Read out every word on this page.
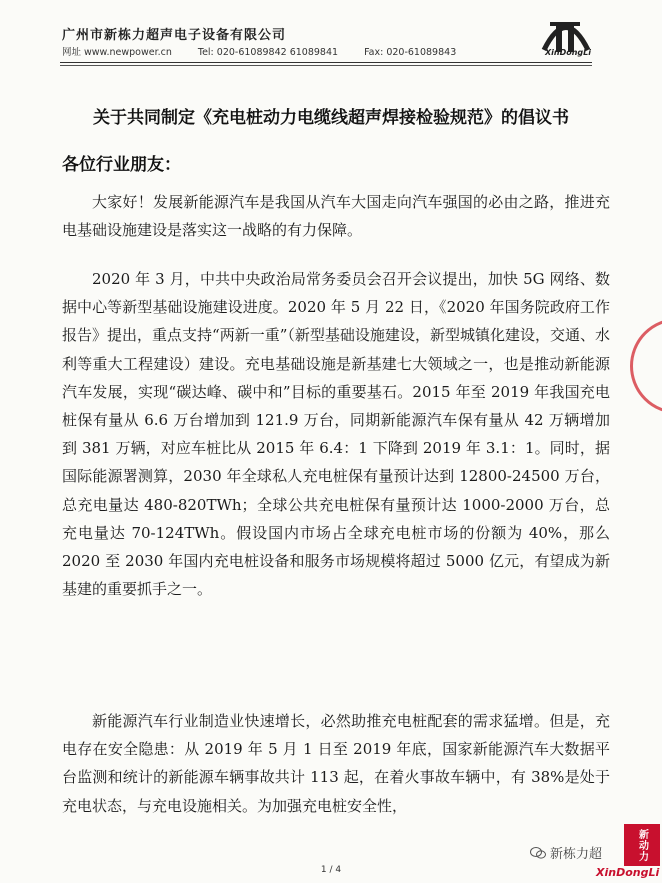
广州市新栋力超声电子设备有限公司
网址 www.newpower.cn	Tel: 020-61089842 61089841	Fax: 020-61089843	XinDongLi
关于共同制定《充电桩动力电缆线超声焊接检验规范》的倡议书
各位行业朋友：
大家好！发展新能源汽车是我国从汽车大国走向汽车强国的必由之路，推进充电基础设施建设是落实这一战略的有力保障。
2020 年 3 月，中共中央政治局常务委员会召开会议提出，加快 5G 网络、数据中心等新型基础设施建设进度。2020 年 5 月 22 日，《2020 年国务院政府工作报告》提出，重点支持“两新一重”（新型基础设施建设，新型城镇化建设，交通、水利等重大工程建设）建设。充电基础设施是新基建七大领域之一，也是推动新能源汽车发展，实现“碳达峰、碳中和”目标的重要基石。2015 年至 2019 年我国充电桩保有量从 6.6 万台增加到 121.9 万台，同期新能源汽车保有量从 42 万辆增加到 381 万辆，对应车桩比从 2015 年 6.4：1 下降到 2019 年 3.1：1。同时，据国际能源署测算，2030 年全球私人充电桩保有量预计达到 12800-24500 万台，总充电量达 480-820TWh；全球公共充电桩保有量预计达 1000-2000 万台，总充电量达 70-124TWh。假设国内市场占全球充电桩市场的份额为 40%，那么 2020 至 2030 年国内充电桩设备和服务市场规模将超过 5000 亿元，有望成为新基建的重要抓手之一。
新能源汽车行业制造业快速增长，必然助推充电桩配套的需求猛增。但是，充电存在安全隐患：从 2019 年 5 月 1 日至 2019 年底，国家新能源汽车大数据平台监测和统计的新能源车辆事故共计 113 起，在着火事故车辆中，有 38%是处于充电状态，与充电设施相关。为加强充电桩安全性，
1 / 4
新栋力超	新动力
XinDongLi
